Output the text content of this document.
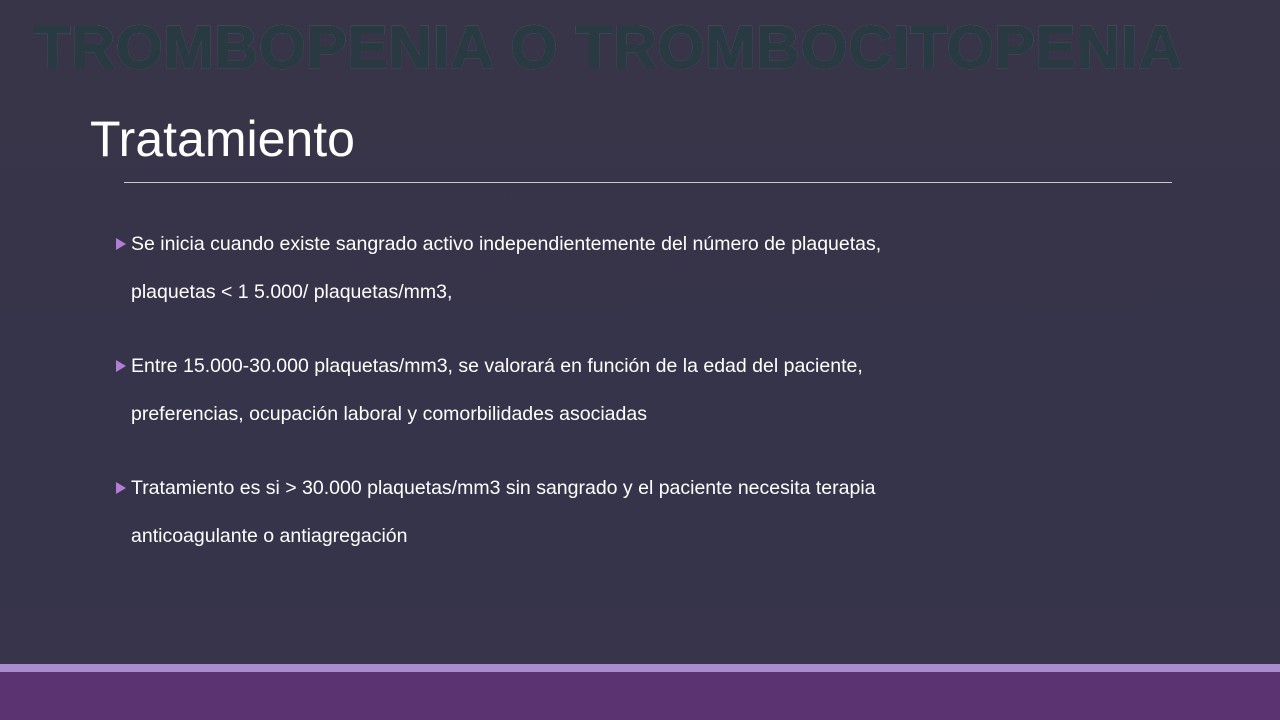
TROMBOPENIA O TROMBOCITOPENIA
Tratamiento
Se inicia cuando existe sangrado activo independientemente del número de plaquetas,
plaquetas < 1 5.000/ plaquetas/mm3,
Entre 15.000-30.000 plaquetas/mm3, se valorará en función de la edad del paciente,
preferencias, ocupación laboral y comorbilidades asociadas
Tratamiento es si > 30.000 plaquetas/mm3 sin sangrado y el paciente necesita terapia
anticoagulante o antiagregación
